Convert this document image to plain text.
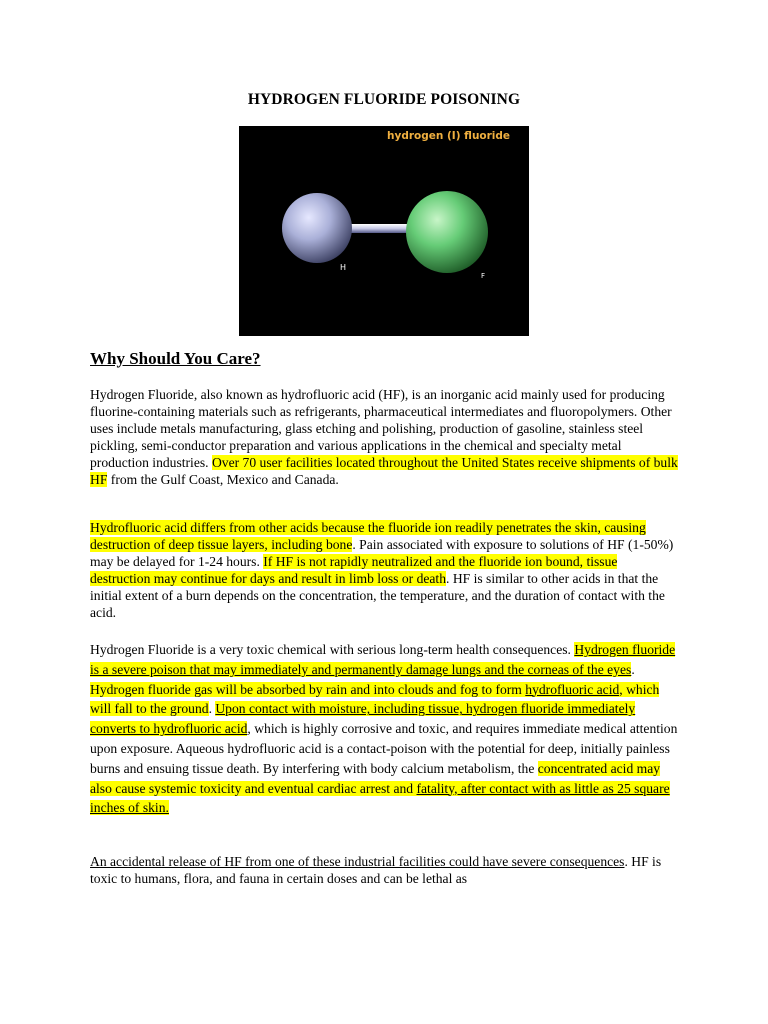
HYDROGEN FLUORIDE POISONING
hydrogen (I) fluoride
H
F
Why Should You Care?
Hydrogen Fluoride, also known as hydrofluoric acid (HF), is an inorganic acid mainly used for producing fluorine-containing materials such as refrigerants, pharmaceutical intermediates and fluoropolymers. Other uses include metals manufacturing, glass etching and polishing, production of gasoline, stainless steel pickling, semi-conductor preparation and various applications in the chemical and specialty metal production industries. Over 70 user facilities located throughout the United States receive shipments of bulk HF from the Gulf Coast, Mexico and Canada.
Hydrofluoric acid differs from other acids because the fluoride ion readily penetrates the skin, causing destruction of deep tissue layers, including bone. Pain associated with exposure to solutions of HF (1-50%) may be delayed for 1-24 hours. If HF is not rapidly neutralized and the fluoride ion bound, tissue destruction may continue for days and result in limb loss or death. HF is similar to other acids in that the initial extent of a burn depends on the concentration, the temperature, and the duration of contact with the acid.
Hydrogen Fluoride is a very toxic chemical with serious long-term health consequences. Hydrogen fluoride is a severe poison that may immediately and permanently damage lungs and the corneas of the eyes. Hydrogen fluoride gas will be absorbed by rain and into clouds and fog to form hydrofluoric acid, which will fall to the ground. Upon contact with moisture, including tissue, hydrogen fluoride immediately converts to hydrofluoric acid, which is highly corrosive and toxic, and requires immediate medical attention upon exposure. Aqueous hydrofluoric acid is a contact-poison with the potential for deep, initially painless burns and ensuing tissue death. By interfering with body calcium metabolism, the concentrated acid may also cause systemic toxicity and eventual cardiac arrest and fatality, after contact with as little as 25 square inches of skin.
An accidental release of HF from one of these industrial facilities could have severe consequences. HF is toxic to humans, flora, and fauna in certain doses and can be lethal as
